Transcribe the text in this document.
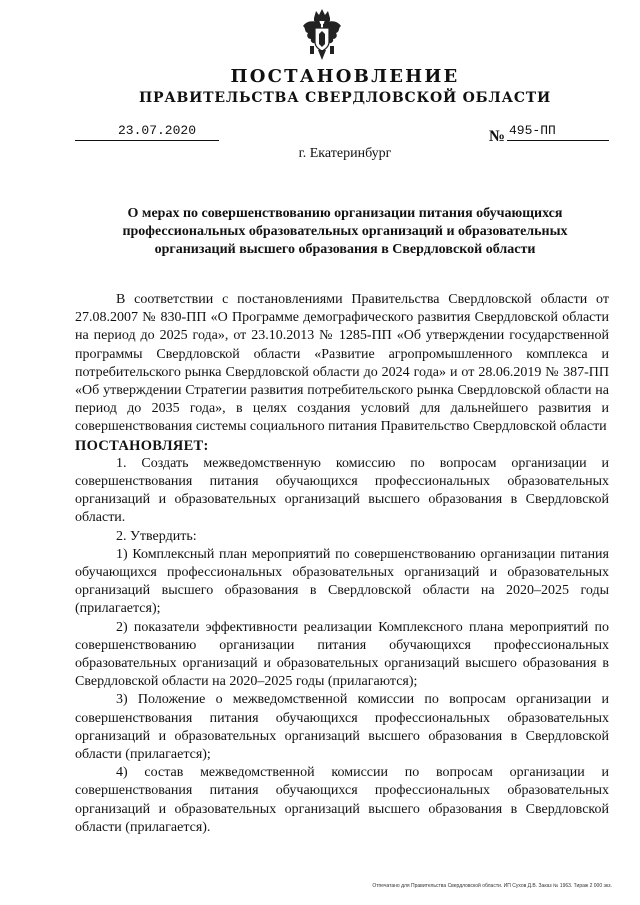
ПОСТАНОВЛЕНИЕ
ПРАВИТЕЛЬСТВА СВЕРДЛОВСКОЙ ОБЛАСТИ
23.07.2020	№ 495-ПП
г. Екатеринбург
О мерах по совершенствованию организации питания обучающихся
профессиональных образовательных организаций и образовательных
организаций высшего образования в Свердловской области

В соответствии с постановлениями Правительства Свердловской области от 27.08.2007 № 830-ПП «О Программе демографического развития Свердловской области на период до 2025 года», от 23.10.2013 № 1285-ПП «Об утверждении государственной программы Свердловской области «Развитие агропромышленного комплекса и потребительского рынка Свердловской области до 2024 года» и от 28.06.2019 № 387-ПП «Об утверждении Стратегии развития потребительского рынка Свердловской области на период до 2035 года», в целях создания условий для дальнейшего развития и совершенствования системы социального питания Правительство Свердловской области

ПОСТАНОВЛЯЕТ:

1. Создать межведомственную комиссию по вопросам организации и совершенствования питания обучающихся профессиональных образовательных организаций и образовательных организаций высшего образования в Свердловской области.

2. Утвердить:

1) Комплексный план мероприятий по совершенствованию организации питания обучающихся профессиональных образовательных организаций и образовательных организаций высшего образования в Свердловской области на 2020–2025 годы (прилагается);

2) показатели эффективности реализации Комплексного плана мероприятий по совершенствованию организации питания обучающихся профессиональных образовательных организаций и образовательных организаций высшего образования в Свердловской области на 2020–2025 годы (прилагаются);

3) Положение о межведомственной комиссии по вопросам организации и совершенствования питания обучающихся профессиональных образовательных организаций и образовательных организаций высшего образования в Свердловской области (прилагается);

4) состав межведомственной комиссии по вопросам организации и совершенствования питания обучающихся профессиональных образовательных организаций и образовательных организаций высшего образования в Свердловской области (прилагается).

Отпечатано для Правительства Свердловской области. ИП Сухов Д.В. Заказ № 1963. Тираж 2 000 экз.
